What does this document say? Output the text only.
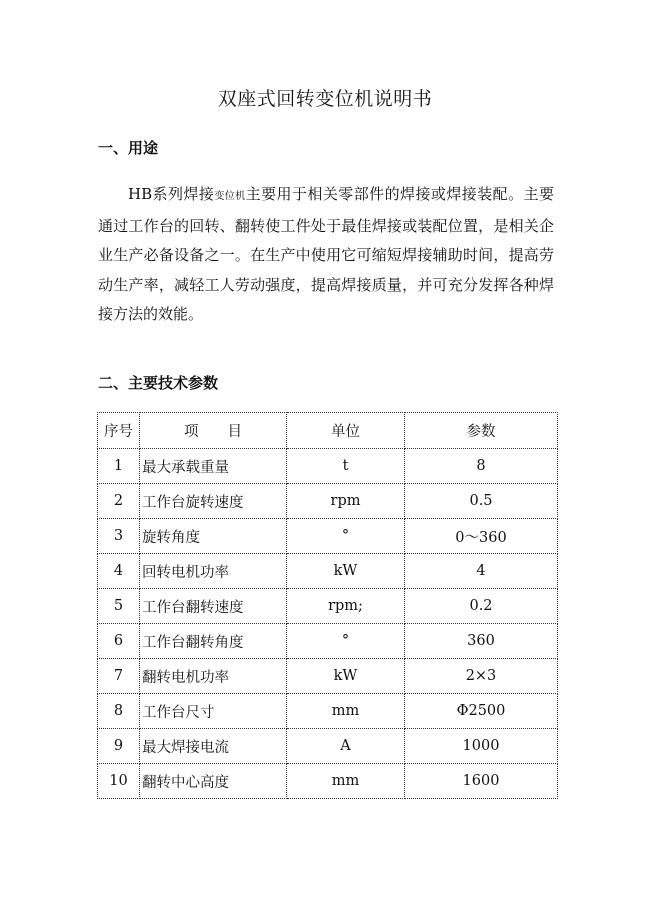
双座式回转变位机说明书
一、用途
HB系列焊接变位机主要用于相关零部件的焊接或焊接装配。主要通过工作台的回转、翻转使工件处于最佳焊接或装配位置，是相关企业生产必备设备之一。在生产中使用它可缩短焊接辅助时间，提高劳动生产率，减轻工人劳动强度，提高焊接质量，并可充分发挥各种焊接方法的效能。
二、主要技术参数
序号	项　　目	单位	参数
1	最大承载重量	t	8
2	工作台旋转速度	rpm	0.5
3	旋转角度	°	0～360
4	回转电机功率	kW	4
5	工作台翻转速度	rpm;	0.2
6	工作台翻转角度	°	360
7	翻转电机功率	kW	2×3
8	工作台尺寸	mm	Φ2500
9	最大焊接电流	A	1000
10	翻转中心高度	mm	1600
